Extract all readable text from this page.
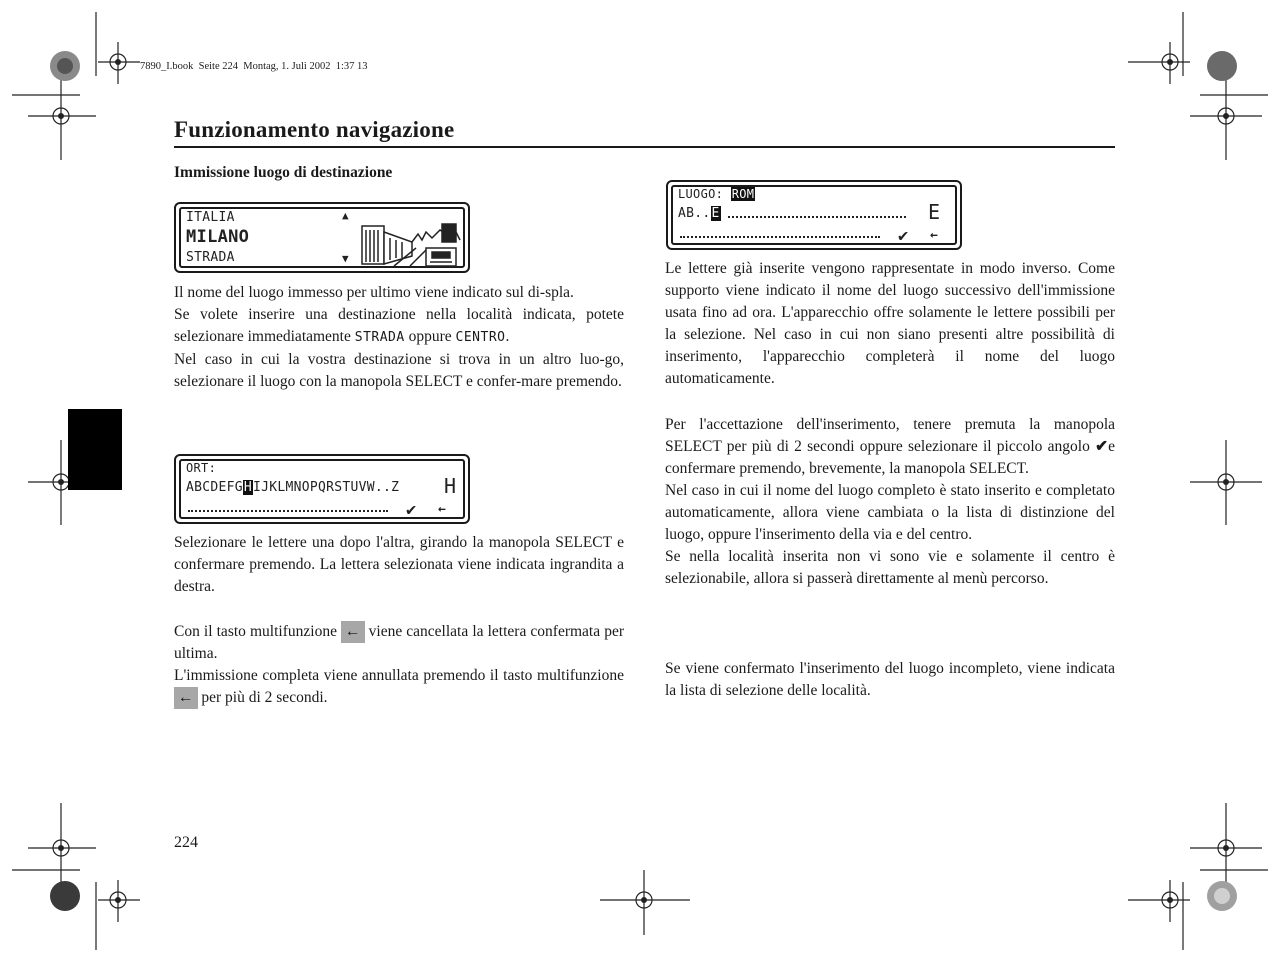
7890_I.book  Seite 224  Montag, 1. Juli 2002  1:37 13
Funzionamento navigazione
Immissione luogo di destinazione
ITALIA
MILANO
STRADA
▲
▼

Il nome del luogo immesso per ultimo viene indicato sul di-spla.

Se volete inserire una destinazione nella località indicata, potete selezionare immediatamente STRADA oppure CENTRO.

Nel caso in cui la vostra destinazione si trova in un altro luo-go, selezionare il luogo con la manopola SELECT e confer-mare premendo.

ORT:
ABCDEFGHIJKLMNOPQRSTUVW..Z H
✔ ←
Selezionare le lettere una dopo l'altra, girando la manopola SELECT e confermare premendo. La lettera selezionata viene indicata ingrandita a destra.

Con il tasto multifunzione ← viene cancellata la lettera confermata per ultima.

L'immissione completa viene annullata premendo il tasto multifunzione ← per più di 2 secondi.

LUOGO: ROM
AB..E	E
✔ ←
Le lettere già inserite vengono rappresentate in modo inverso. Come supporto viene indicato il nome del luogo successivo dell'immissione usata fino ad ora. L'apparecchio offre solamente le lettere possibili per la selezione. Nel caso in cui non siano presenti altre possibilità di inserimento, l'apparecchio completerà il nome del luogo automaticamente.

Per l'accettazione dell'inserimento, tenere premuta la manopola SELECT per più di 2 secondi oppure selezionare il piccolo angolo ✔e confermare premendo, brevemente, la manopola SELECT.

Nel caso in cui il nome del luogo completo è stato inserito e completato automaticamente, allora viene cambiata o la lista di distinzione del luogo, oppure l'inserimento della via e del centro.

Se nella località inserita non vi sono vie e solamente il centro è selezionabile, allora si passerà direttamente al menù percorso.

Se viene confermato l'inserimento del luogo incompleto, viene indicata la lista di selezione delle località.
224
